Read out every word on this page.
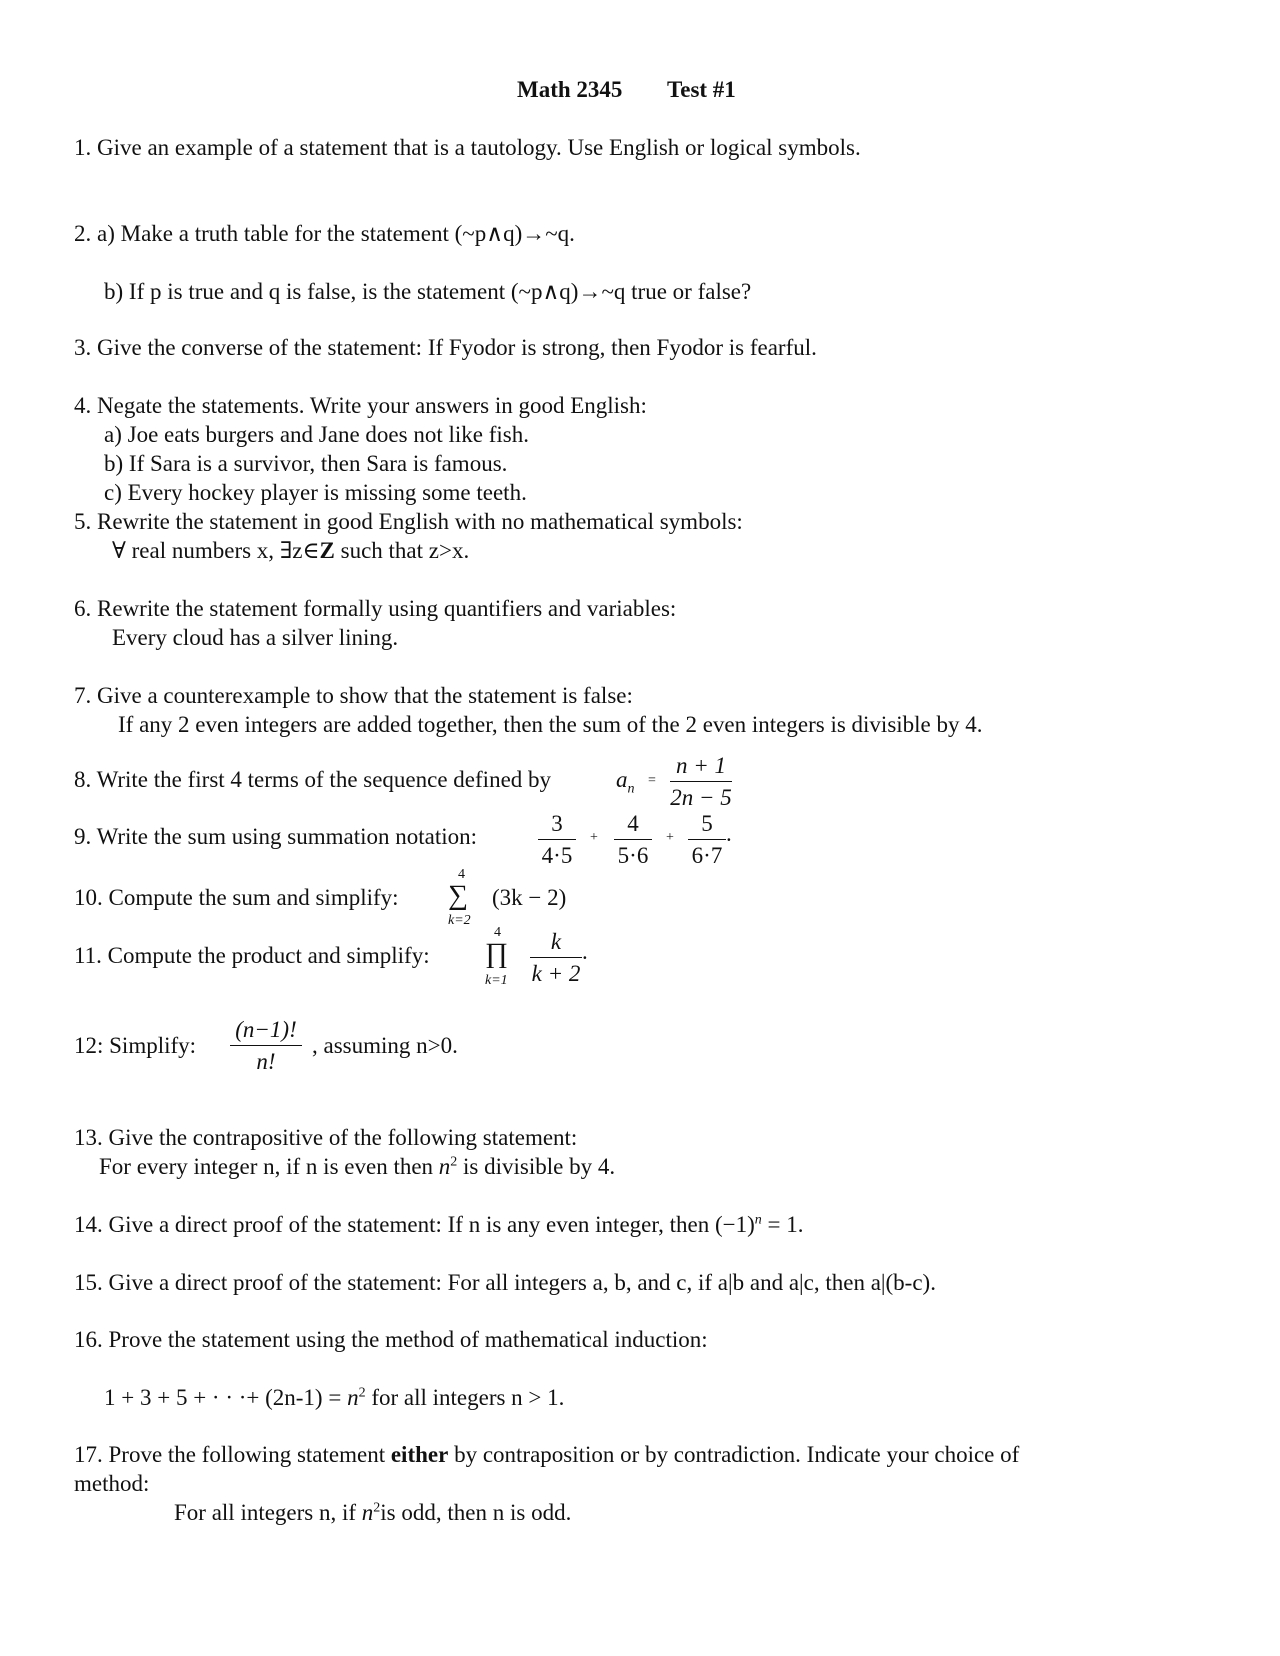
Math 2345 Test #1
1. Give an example of a statement that is a tautology. Use English or logical symbols.
2. a) Make a truth table for the statement (~p∧q)→~q.
b) If p is true and q is false, is the statement (~p∧q)→~q true or false?
3. Give the converse of the statement: If Fyodor is strong, then Fyodor is fearful.
4. Negate the statements. Write your answers in good English:
a) Joe eats burgers and Jane does not like fish.
b) If Sara is a survivor, then Sara is famous.
c) Every hockey player is missing some teeth.
5. Rewrite the statement in good English with no mathematical symbols:
∀ real numbers x, ∃z∈Z such that z>x.
6. Rewrite the statement formally using quantifiers and variables:
Every cloud has a silver lining.
7. Give a counterexample to show that the statement is false:
If any 2 even integers are added together, then the sum of the 2 even integers is divisible by 4.
8. Write the first 4 terms of the sequence defined by	$a_n$
=
n + 1
2n − 5
9. Write the sum using summation notation:
3
4·5
+
4
5·6
+
5
6·7
.
10. Compute the sum and simplify:
4
∑
k=2
(3k − 2)
11. Compute the product and simplify:
4
∏
k=1
k
k + 2
.
12: Simplify:
(n−1)!
n!
, assuming n>0.
13. Give the contrapositive of the following statement:
For every integer n, if n is even then $n^2$ is divisible by 4.
14. Give a direct proof of the statement: If n is any even integer, then $(-1)^n = 1$.
15. Give a direct proof of the statement: For all integers a, b, and c, if a|b and a|c, then a|(b-c).
16. Prove the statement using the method of mathematical induction:
1 + 3 + 5 + · · ·+ $(2n-1) = n^2$ for all integers n > 1.
17. Prove the following statement either by contraposition or by contradiction. Indicate your choice of
method:
For all integers n, if $n^2is$ odd, then n is odd.
